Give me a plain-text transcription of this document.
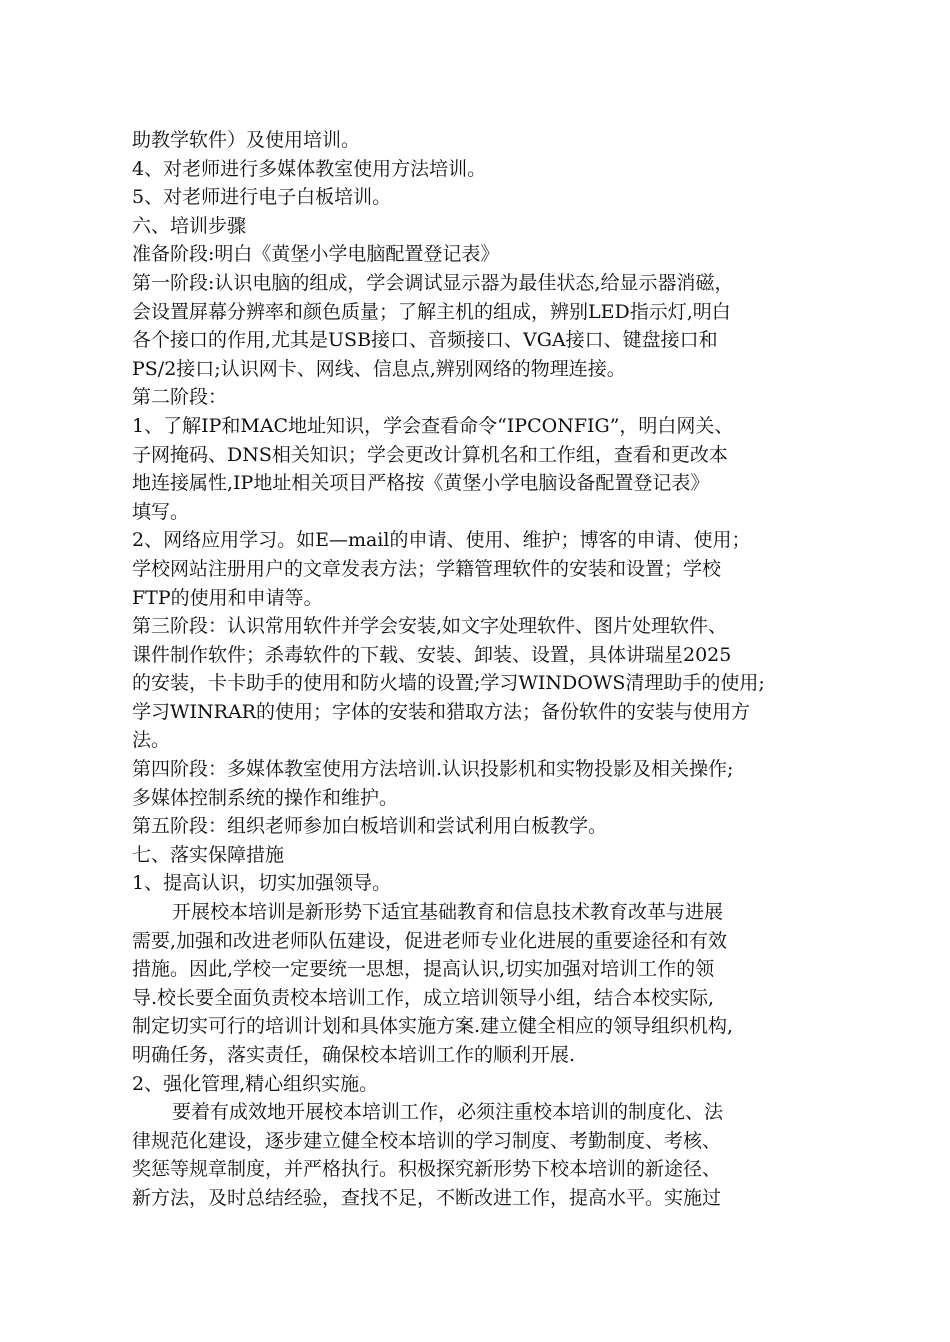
助教学软件）及使用培训。
4、对老师进行多媒体教室使用方法培训。
5、对老师进行电子白板培训。
六、培训步骤
准备阶段:明白《黄堡小学电脑配置登记表》
第一阶段:认识电脑的组成，学会调试显示器为最佳状态,给显示器消磁，
会设置屏幕分辨率和颜色质量；了解主机的组成，辨别LED指示灯,明白
各个接口的作用,尤其是USB接口、音频接口、VGA接口、键盘接口和
PS/2接口;认识网卡、网线、信息点,辨别网络的物理连接。
第二阶段：
1、了解IP和MAC地址知识，学会查看命令“IPCONFIG”，明白网关、
子网掩码、DNS相关知识；学会更改计算机名和工作组，查看和更改本
地连接属性,IP地址相关项目严格按《黄堡小学电脑设备配置登记表》
填写。
2、网络应用学习。如E—mail的申请、使用、维护；博客的申请、使用；
学校网站注册用户的文章发表方法；学籍管理软件的安装和设置；学校
FTP的使用和申请等。
第三阶段：认识常用软件并学会安装,如文字处理软件、图片处理软件、
课件制作软件；杀毒软件的下载、安装、卸装、设置，具体讲瑞星2025
的安装，卡卡助手的使用和防火墙的设置;学习WINDOWS清理助手的使用;
学习WINRAR的使用；字体的安装和猎取方法；备份软件的安装与使用方
法。
第四阶段：多媒体教室使用方法培训.认识投影机和实物投影及相关操作;
多媒体控制系统的操作和维护。
第五阶段：组织老师参加白板培训和尝试利用白板教学。
七、落实保障措施
1、提高认识，切实加强领导。
开展校本培训是新形势下适宜基础教育和信息技术教育改革与进展
需要,加强和改进老师队伍建设，促进老师专业化进展的重要途径和有效
措施。因此,学校一定要统一思想，提高认识,切实加强对培训工作的领
导.校长要全面负责校本培训工作，成立培训领导小组，结合本校实际,
制定切实可行的培训计划和具体实施方案.建立健全相应的领导组织机构,
明确任务，落实责任，确保校本培训工作的顺利开展.
2、强化管理,精心组织实施。
要着有成效地开展校本培训工作，必须注重校本培训的制度化、法
律规范化建设，逐步建立健全校本培训的学习制度、考勤制度、考核、
奖惩等规章制度，并严格执行。积极探究新形势下校本培训的新途径、
新方法，及时总结经验，查找不足，不断改进工作，提高水平。实施过
